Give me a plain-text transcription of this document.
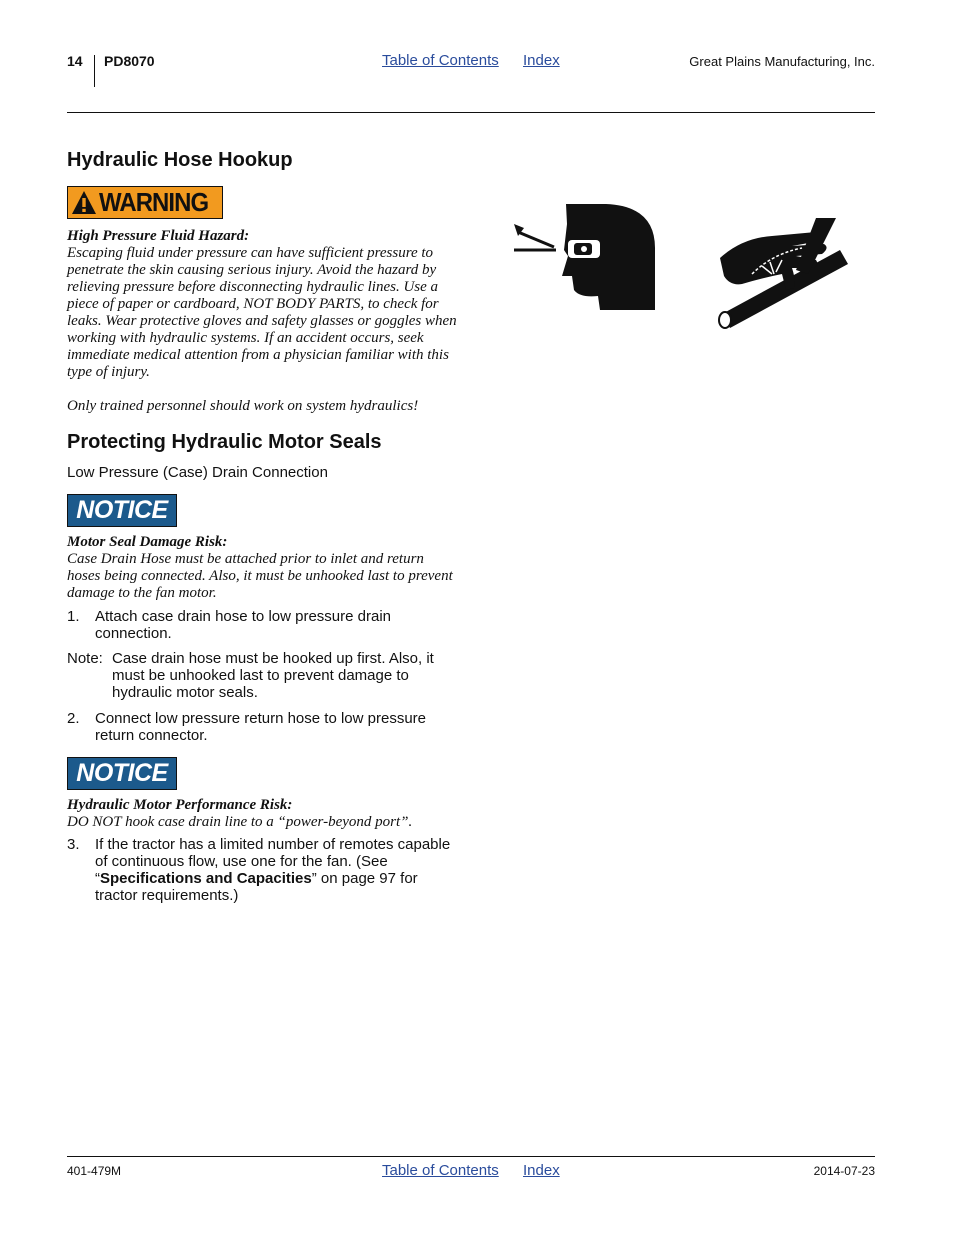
14 PD8070	Table of Contents Index	Great Plains Manufacturing, Inc.
Hydraulic Hose Hookup
WARNING
High Pressure Fluid Hazard:
Escaping fluid under pressure can have sufficient pressure to penetrate the skin causing serious injury. Avoid the hazard by relieving pressure before disconnecting hydraulic lines. Use a piece of paper or cardboard, NOT BODY PARTS, to check for leaks. Wear protective gloves and safety glasses or goggles when working with hydraulic systems. If an accident occurs, seek immediate medical attention from a physician familiar with this type of injury.
Only trained personnel should work on system hydraulics!
Protecting Hydraulic Motor Seals
Low Pressure (Case) Drain Connection
NOTICE
Motor Seal Damage Risk:
Case Drain Hose must be attached prior to inlet and return hoses being connected. Also, it must be unhooked last to prevent damage to the fan motor.
1.	Attach case drain hose to low pressure drain connection.
Note: Case drain hose must be hooked up first. Also, it must be unhooked last to prevent damage to hydraulic motor seals.
2.	Connect low pressure return hose to low pressure return connector.
NOTICE
Hydraulic Motor Performance Risk:
DO NOT hook case drain line to a “power-beyond port”.
3.	If the tractor has a limited number of remotes capable of continuous flow, use one for the fan. (See “Specifications and Capacities” on page 97 for tractor requirements.)
401-479M	Table of Contents Index	2014-07-23
